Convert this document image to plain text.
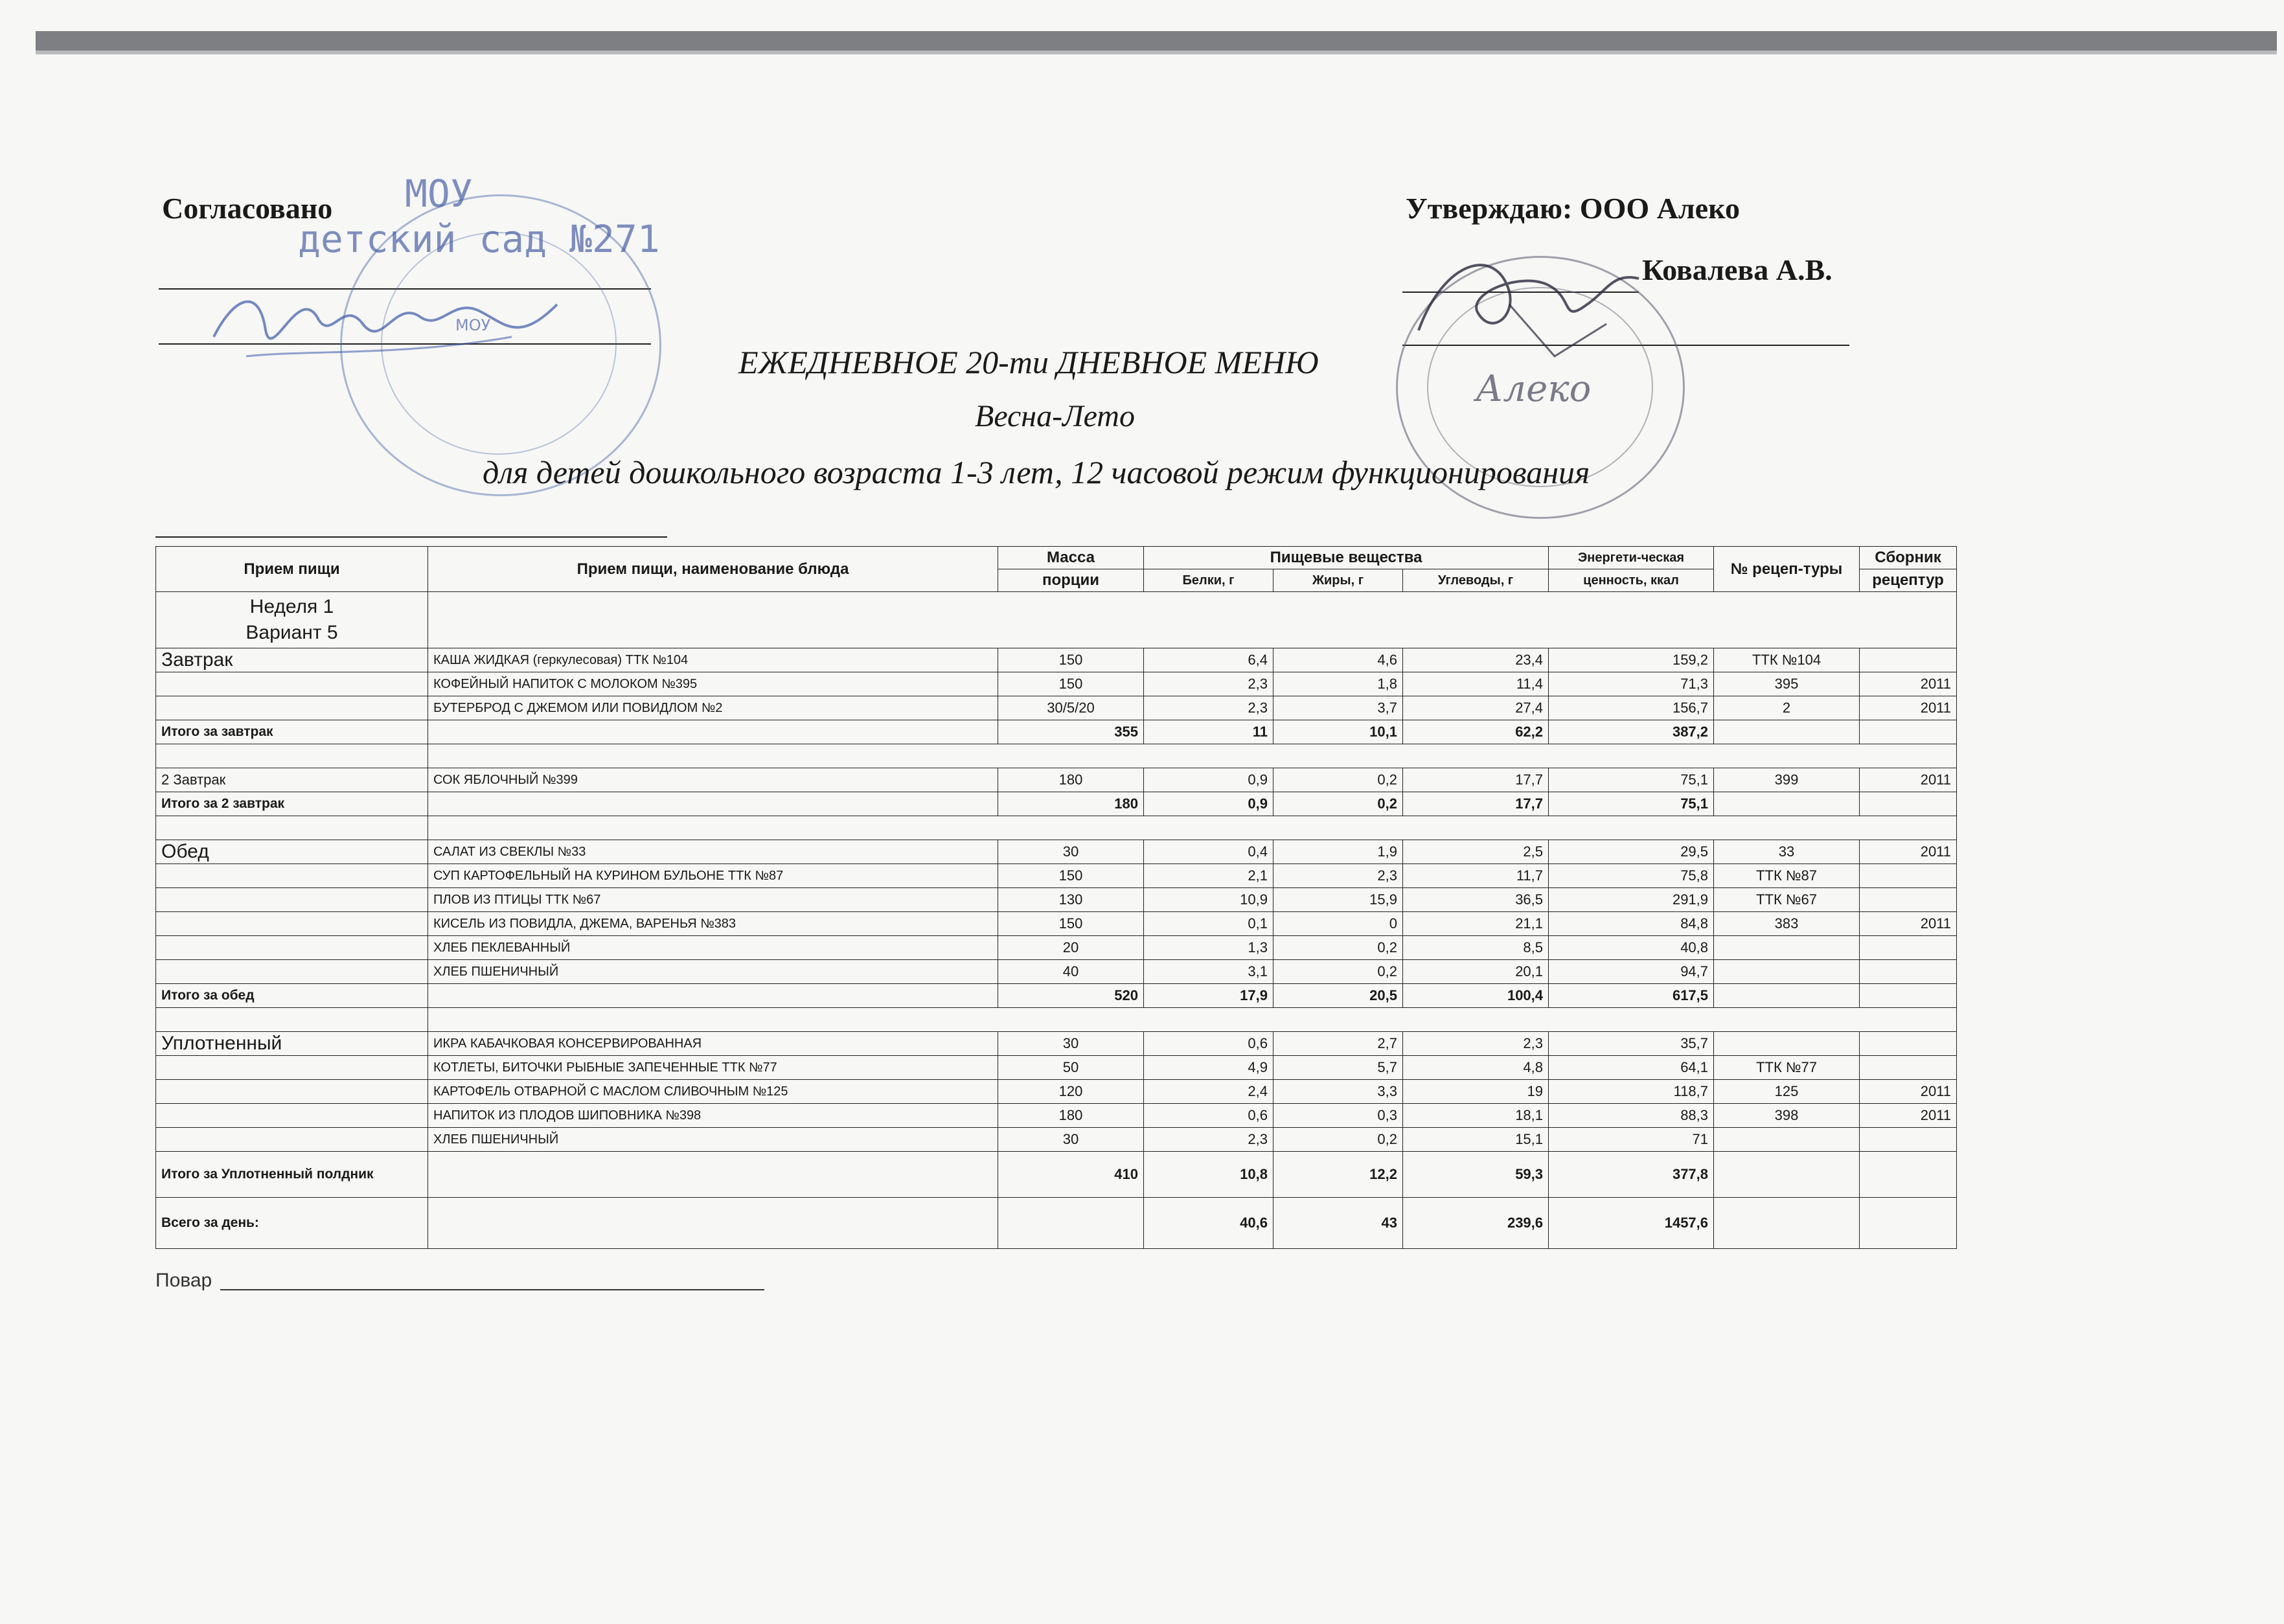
Согласовано
МОУ
МОУ
детский сад №271
Утверждаю: ООО Алеко
Ковалева А.В.
Алеко
ЕЖЕДНЕВНОЕ 20-ти ДНЕВНОЕ МЕНЮ
Весна-Лето
для детей дошкольного возраста 1-3 лет, 12 часовой режим функционирования
Прием пищи	Прием пищи, наименование блюда	Масса	Пищевые вещества			Энергети-ческая	№ рецеп-туры	Сборник
		порции	Белки, г	Жиры, г	Углеводы, г	ценность, ккал		рецептур
Неделя 1
Вариант 5								
Завтрак	КАША ЖИДКАЯ (геркулесовая) ТТК №104	150	6,4	4,6	23,4	159,2	ТТК №104	
	КОФЕЙНЫЙ НАПИТОК С МОЛОКОМ №395	150	2,3	1,8	11,4	71,3	395	2011
	БУТЕРБРОД С ДЖЕМОМ ИЛИ ПОВИДЛОМ №2	30/5/20	2,3	3,7	27,4	156,7	2	2011
Итого за завтрак		355	11	10,1	62,2	387,2		

2 Завтрак	СОК ЯБЛОЧНЫЙ №399	180	0,9	0,2	17,7	75,1	399	2011
Итого за 2 завтрак		180	0,9	0,2	17,7	75,1		

Обед	САЛАТ ИЗ СВЕКЛЫ №33	30	0,4	1,9	2,5	29,5	33	2011
	СУП КАРТОФЕЛЬНЫЙ НА КУРИНОМ БУЛЬОНЕ ТТК №87	150	2,1	2,3	11,7	75,8	ТТК №87	
	ПЛОВ ИЗ ПТИЦЫ ТТК №67	130	10,9	15,9	36,5	291,9	ТТК №67	
	КИСЕЛЬ ИЗ ПОВИДЛА, ДЖЕМА, ВАРЕНЬЯ №383	150	0,1	0	21,1	84,8	383	2011
	ХЛЕБ ПЕКЛЕВАННЫЙ	20	1,3	0,2	8,5	40,8		
	ХЛЕБ ПШЕНИЧНЫЙ	40	3,1	0,2	20,1	94,7		
Итого за обед		520	17,9	20,5	100,4	617,5		

Уплотненный	ИКРА КАБАЧКОВАЯ КОНСЕРВИРОВАННАЯ	30	0,6	2,7	2,3	35,7		
	КОТЛЕТЫ, БИТОЧКИ РЫБНЫЕ ЗАПЕЧЕННЫЕ ТТК №77	50	4,9	5,7	4,8	64,1	ТТК №77	
	КАРТОФЕЛЬ ОТВАРНОЙ С МАСЛОМ СЛИВОЧНЫМ №125	120	2,4	3,3	19	118,7	125	2011
	НАПИТОК ИЗ ПЛОДОВ ШИПОВНИКА №398	180	0,6	0,3	18,1	88,3	398	2011
	ХЛЕБ ПШЕНИЧНЫЙ	30	2,3	0,2	15,1	71		
Итого за Уплотненный полдник		410	10,8	12,2	59,3	377,8		
Всего за день:			40,6	43	239,6	1457,6		
Повар
